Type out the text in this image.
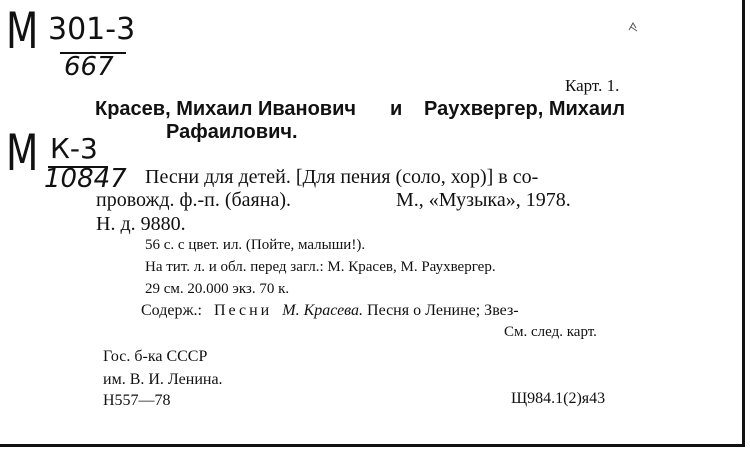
М 301-3
667
М К-3
10847
Карт. 1.
Красев, Михаил Иванович и Раухвергер, Михаил
Рафаилович.
Песни для детей. [Для пения (соло, хор)] в со-
провожд. ф.-п. (баяна).	М., «Музыка», 1978.
Н. д. 9880.
56 с. с цвет. ил. (Пойте, малыши!).
На тит. л. и обл. перед загл.: М. Красев, М. Раухвергер.
29 см. 20.000 экз. 70 к.
Содерж.: Песни М. Красева. Песня о Ленине; Звез-
См. след. карт.
Гос. б-ка СССР
им. В. И. Ленина.
Н557—78	Щ984.1(2)я43
